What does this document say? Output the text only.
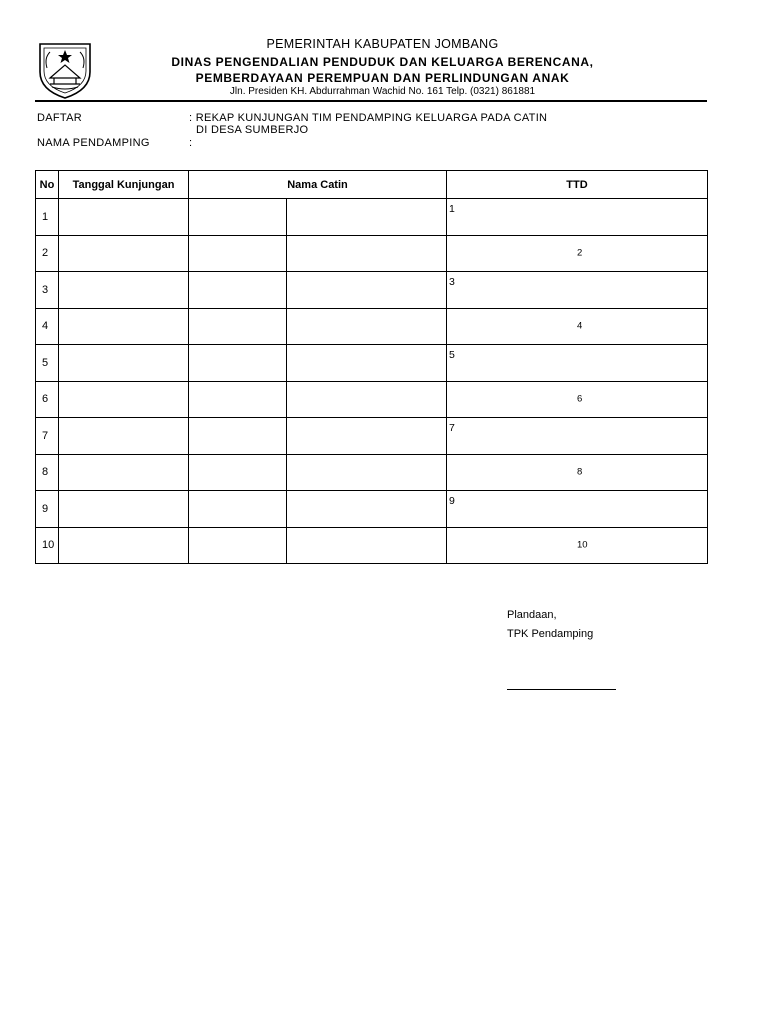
PEMERINTAH KABUPATEN JOMBANG
DINAS PENGENDALIAN PENDUDUK DAN KELUARGA BERENCANA,
PEMBERDAYAAN PEREMPUAN DAN PERLINDUNGAN ANAK
Jln. Presiden KH. Abdurrahman Wachid No. 161 Telp. (0321) 861881
DAFTAR	: REKAP KUNJUNGAN TIM PENDAMPING KELUARGA PADA CATIN
DI DESA SUMBERJO
NAMA PENDAMPING	:
No	Tanggal Kunjungan	Nama Catin		TTD
1				1

2				2

3				3

4				4

5				5

6				6

7				7

8				8

9				9

10				10
Plandaan,
TPK Pendamping
